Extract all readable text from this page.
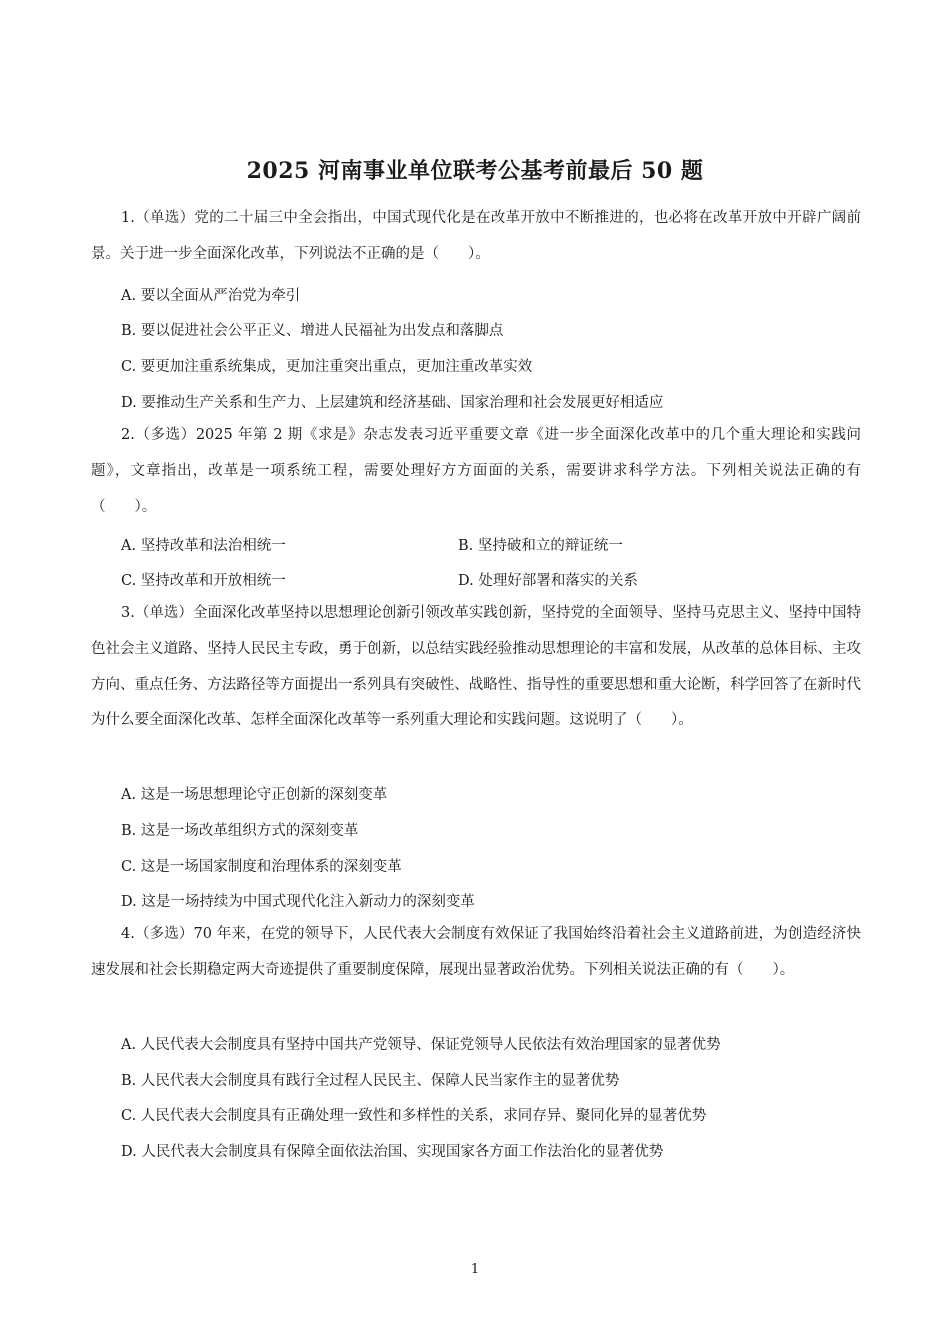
2025 河南事业单位联考公基考前最后 50 题
1.（单选）党的二十届三中全会指出，中国式现代化是在改革开放中不断推进的，也必将在改革开放中开辟广阔前景。关于进一步全面深化改革，下列说法不正确的是（　　）。
A. 要以全面从严治党为牵引
B. 要以促进社会公平正义、增进人民福祉为出发点和落脚点
C. 要更加注重系统集成，更加注重突出重点，更加注重改革实效
D. 要推动生产关系和生产力、上层建筑和经济基础、国家治理和社会发展更好相适应
2.（多选）2025 年第 2 期《求是》杂志发表习近平重要文章《进一步全面深化改革中的几个重大理论和实践问题》，文章指出，改革是一项系统工程，需要处理好方方面面的关系，需要讲求科学方法。下列相关说法正确的有（　　）。
A. 坚持改革和法治相统一	B. 坚持破和立的辩证统一
C. 坚持改革和开放相统一	D. 处理好部署和落实的关系
3.（单选）全面深化改革坚持以思想理论创新引领改革实践创新，坚持党的全面领导、坚持马克思主义、坚持中国特色社会主义道路、坚持人民民主专政，勇于创新，以总结实践经验推动思想理论的丰富和发展，从改革的总体目标、主攻方向、重点任务、方法路径等方面提出一系列具有突破性、战略性、指导性的重要思想和重大论断，科学回答了在新时代为什么要全面深化改革、怎样全面深化改革等一系列重大理论和实践问题。这说明了（　　）。
A. 这是一场思想理论守正创新的深刻变革
B. 这是一场改革组织方式的深刻变革
C. 这是一场国家制度和治理体系的深刻变革
D. 这是一场持续为中国式现代化注入新动力的深刻变革
4.（多选）70 年来，在党的领导下，人民代表大会制度有效保证了我国始终沿着社会主义道路前进，为创造经济快速发展和社会长期稳定两大奇迹提供了重要制度保障，展现出显著政治优势。下列相关说法正确的有（　　）。
A. 人民代表大会制度具有坚持中国共产党领导、保证党领导人民依法有效治理国家的显著优势
B. 人民代表大会制度具有践行全过程人民民主、保障人民当家作主的显著优势
C. 人民代表大会制度具有正确处理一致性和多样性的关系，求同存异、聚同化异的显著优势
D. 人民代表大会制度具有保障全面依法治国、实现国家各方面工作法治化的显著优势
1
